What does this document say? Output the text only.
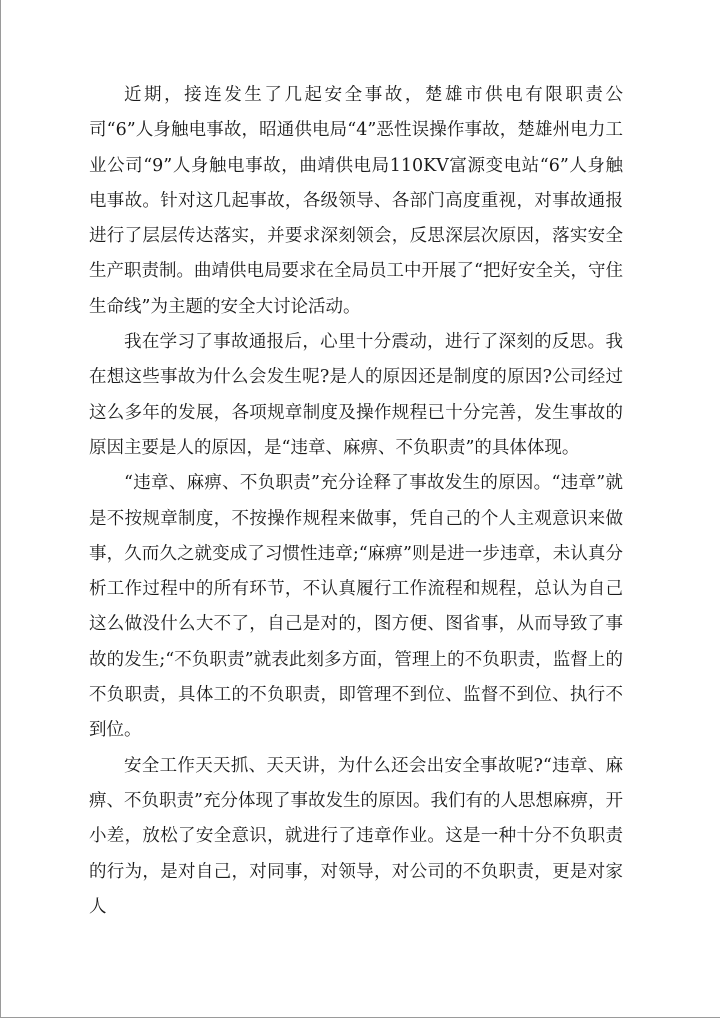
近期，接连发生了几起安全事故，楚雄市供电有限职责公司“6”人身触电事故，昭通供电局“4”恶性误操作事故，楚雄州电力工业公司“9”人身触电事故，曲靖供电局110KV富源变电站“6”人身触电事故。针对这几起事故，各级领导、各部门高度重视，对事故通报进行了层层传达落实，并要求深刻领会，反思深层次原因，落实安全生产职责制。曲靖供电局要求在全局员工中开展了“把好安全关，守住生命线”为主题的安全大讨论活动。

我在学习了事故通报后，心里十分震动，进行了深刻的反思。我在想这些事故为什么会发生呢?是人的原因还是制度的原因?公司经过这么多年的发展，各项规章制度及操作规程已十分完善，发生事故的原因主要是人的原因，是“违章、麻痹、不负职责”的具体体现。

“违章、麻痹、不负职责”充分诠释了事故发生的原因。“违章”就是不按规章制度，不按操作规程来做事，凭自己的个人主观意识来做事，久而久之就变成了习惯性违章;“麻痹”则是进一步违章，未认真分析工作过程中的所有环节，不认真履行工作流程和规程，总认为自己这么做没什么大不了，自己是对的，图方便、图省事，从而导致了事故的发生;“不负职责”就表此刻多方面，管理上的不负职责，监督上的不负职责，具体工的不负职责，即管理不到位、监督不到位、执行不到位。

安全工作天天抓、天天讲，为什么还会出安全事故呢?“违章、麻痹、不负职责”充分体现了事故发生的原因。我们有的人思想麻痹，开小差，放松了安全意识，就进行了违章作业。这是一种十分不负职责的行为，是对自己，对同事，对领导，对公司的不负职责，更是对家人
